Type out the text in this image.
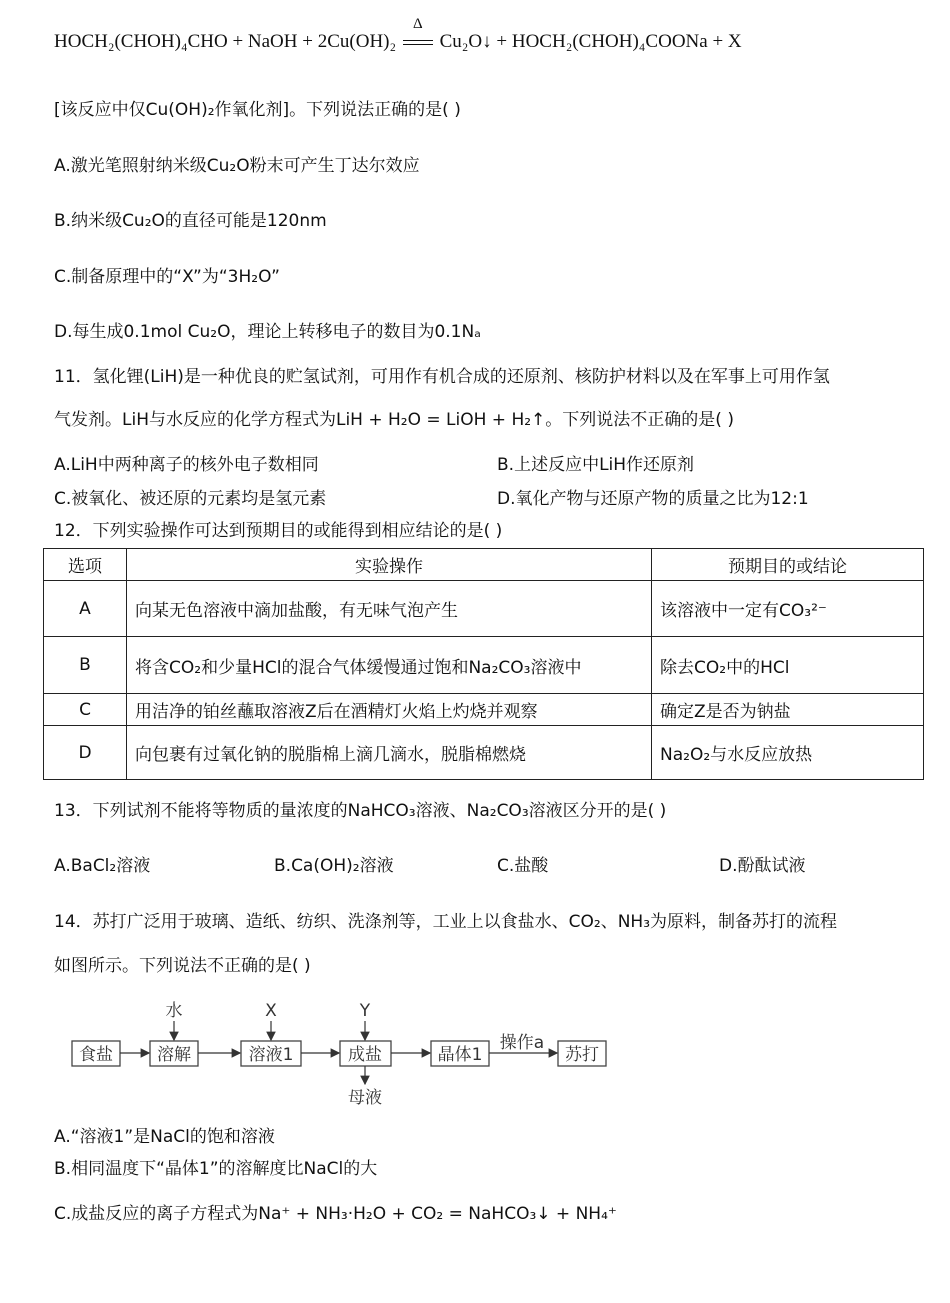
HOCH₂(CHOH)₄CHO + NaOH + 2Cu(OH)₂
Δ
Cu₂O↓ + HOCH₂(CHOH)₄COONa + X
[该反应中仅Cu(OH)₂作氧化剂]。下列说法正确的是( )
A.激光笔照射纳米级Cu₂O粉末可产生丁达尔效应
B.纳米级Cu₂O的直径可能是120nm
C.制备原理中的“X”为“3H₂O”
D.每生成0.1mol Cu₂O，理论上转移电子的数目为0.1Nₐ
11．氢化锂(LiH)是一种优良的贮氢试剂，可用作有机合成的还原剂、核防护材料以及在军事上可用作氢
气发剂。LiH与水反应的化学方程式为LiH + H₂O = LiOH + H₂↑。下列说法不正确的是( )
A.LiH中两种离子的核外电子数相同	B.上述反应中LiH作还原剂
C.被氧化、被还原的元素均是氢元素	D.氧化产物与还原产物的质量之比为12:1
12．下列实验操作可达到预期目的或能得到相应结论的是( )
选项	实验操作	预期目的或结论
A	向某无色溶液中滴加盐酸，有无味气泡产生	该溶液中一定有CO₃²⁻
B	将含CO₂和少量HCl的混合气体缓慢通过饱和Na₂CO₃溶液中	除去CO₂中的HCl
C	用洁净的铂丝蘸取溶液Z后在酒精灯火焰上灼烧并观察	确定Z是否为钠盐
D	向包裹有过氧化钠的脱脂棉上滴几滴水，脱脂棉燃烧	Na₂O₂与水反应放热
13．下列试剂不能将等物质的量浓度的NaHCO₃溶液、Na₂CO₃溶液区分开的是( )
A.BaCl₂溶液	B.Ca(OH)₂溶液	C.盐酸	D.酚酞试液
14．苏打广泛用于玻璃、造纸、纺织、洗涤剂等，工业上以食盐水、CO₂、NH₃为原料，制备苏打的流程
如图所示。下列说法不正确的是( )
食盐	溶解	溶液1	成盐	晶体1	苏打
操作a
水	X	Y
母液
A.“溶液1”是NaCl的饱和溶液
B.相同温度下“晶体1”的溶解度比NaCl的大
C.成盐反应的离子方程式为Na⁺ + NH₃·H₂O + CO₂ = NaHCO₃↓ + NH₄⁺
